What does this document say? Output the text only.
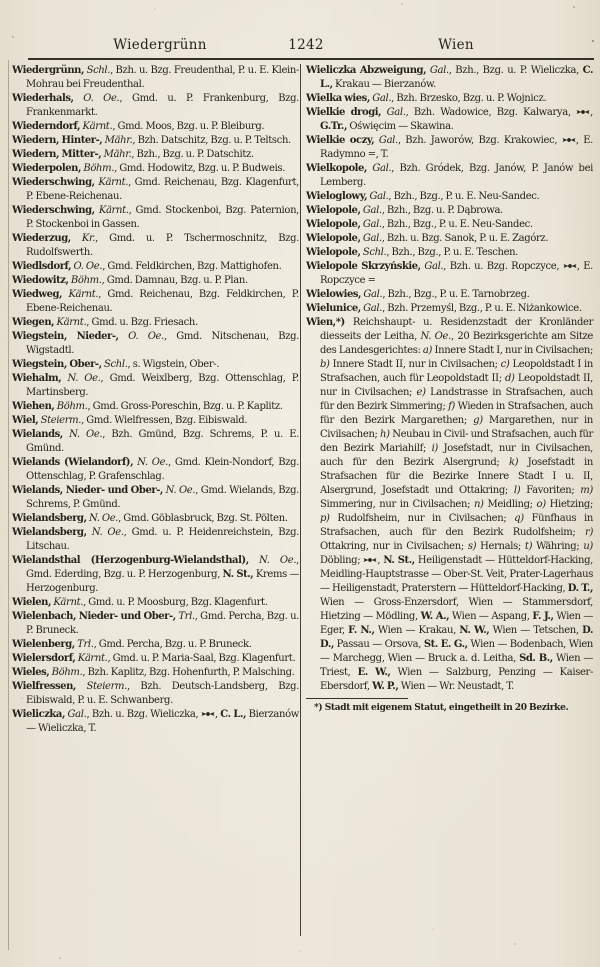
Wiedergrünn	1242	Wien

Wiedergrünn, Schl., Bzh. u. Bzg. Freudenthal, P. u. E. Klein-Mohrau bei Freudenthal.

Wiederhals, O. Oe., Gmd. u. P. Frankenburg, Bzg. Frankenmarkt.

Wiederndorf, Kärnt., Gmd. Moos, Bzg. u. P. Bleiburg.

Wiedern, Hinter-, Mähr., Bzh. Datschitz, Bzg. u. P. Teltsch.

Wiedern, Mitter-, Mähr., Bzh., Bzg. u. P. Datschitz.

Wiederpolen, Böhm., Gmd. Hodowitz, Bzg. u. P. Budweis.

Wiederschwing, Kärnt., Gmd. Reichenau, Bzg. Klagenfurt, P. Ebene-Reichenau.

Wiederschwing, Kärnt., Gmd. Stockenboi, Bzg. Paternion, P. Stockenboi in Gassen.

Wiederzug, Kr., Gmd. u. P. Tschermoschnitz, Bzg. Rudolfswerth.

Wiedlsdorf, O. Oe., Gmd. Feldkirchen, Bzg. Mattighofen.

Wiedowitz, Böhm., Gmd. Damnau, Bzg. u. P. Plan.

Wiedweg, Kärnt., Gmd. Reichenau, Bzg. Feldkirchen, P. Ebene-Reichenau.

Wiegen, Kärnt., Gmd. u. Bzg. Friesach.

Wiegstein, Nieder-, O. Oe., Gmd. Nitschenau, Bzg. Wigstadtl.

Wiegstein, Ober-, Schl., s. Wigstein, Ober-.

Wiehalm, N. Oe., Gmd. Weixlberg, Bzg. Ottenschlag, P. Martinsberg.

Wiehen, Böhm., Gmd. Gross-Poreschin, Bzg. u. P. Kaplitz.

Wiel, Steierm., Gmd. Wielfressen, Bzg. Eibiswald.

Wielands, N. Oe., Bzh. Gmünd, Bzg. Schrems, P. u. E. Gmünd.

Wielands (Wielandorf), N. Oe., Gmd. Klein-Nondorf, Bzg. Ottenschlag, P. Grafenschlag.

Wielands, Nieder- und Ober-, N. Oe., Gmd. Wielands, Bzg. Schrems, P. Gmünd.

Wielandsberg, N. Oe., Gmd. Göblasbruck, Bzg. St. Pölten.

Wielandsberg, N. Oe., Gmd. u. P. Heidenreichstein, Bzg. Litschau.

Wielandsthal (Herzogenburg-Wielandsthal), N. Oe., Gmd. Ederding, Bzg. u. P. Herzogenburg, N. St., Krems — Herzogenburg.

Wielen, Kärnt., Gmd. u. P. Moosburg, Bzg. Klagenfurt.

Wielenbach, Nieder- und Ober-, Trl., Gmd. Percha, Bzg. u. P. Bruneck.

Wielenberg, Trl., Gmd. Percha, Bzg. u. P. Bruneck.

Wielersdorf, Kärnt., Gmd. u. P. Maria-Saal, Bzg. Klagenfurt.

Wieles, Böhm., Bzh. Kaplitz, Bzg. Hohenfurth, P. Malsching.

Wielfressen, Steierm., Bzh. Deutsch-Landsberg, Bzg. Eibiswald, P. u. E. Schwanberg.

Wieliczka, Gal., Bzh. u. Bzg. Wieliczka,
, C. L., Bierzanów — Wieliczka, T.

Wieliczka Abzweigung, Gal., Bzh., Bzg. u. P. Wieliczka, C. L., Krakau — Bierzanów.

Wielka wies, Gal., Bzh. Brzesko, Bzg. u. P. Wojnicz.

Wielkie drogi, Gal., Bzh. Wadowice, Bzg. Kalwarya,
, G.Tr., Oświęcim — Skawina.

Wielkie oczy, Gal., Bzh. Jaworów, Bzg. Krakowiec,
, E. Radymno =, T.

Wielkopole, Gal., Bzh. Gródek, Bzg. Janów, P. Janów bei Lemberg.

Wieloglowy, Gal., Bzh., Bzg., P. u. E. Neu-Sandec.

Wielopole, Gal., Bzh., Bzg. u. P. Dąbrowa.

Wielopole, Gal., Bzh., Bzg., P. u. E. Neu-Sandec.

Wielopole, Gal., Bzh. u. Bzg. Sanok, P. u. E. Zagórz.

Wielopole, Schl., Bzh., Bzg., P. u. E. Teschen.

Wielopole Skrzyńskie, Gal., Bzh. u. Bzg. Ropczyce,
, E. Ropczyce =

Wielowies, Gal., Bzh., Bzg., P. u. E. Tarnobrzeg.

Wielunice, Gal., Bzh. Przemyśl, Bzg., P. u. E. Niżankowice.

Wien,*) Reichshaupt- u. Residenzstadt der Kronländer diesseits der Leitha, N. Oe., 20 Bezirksgerichte am Sitze des Landesgerichtes: a) Innere Stadt I, nur in Civilsachen; b) Innere Stadt II, nur in Civilsachen; c) Leopoldstadt I in Strafsachen, auch für Leopoldstadt II; d) Leopoldstadt II, nur in Civilsachen; e) Landstrasse in Strafsachen, auch für den Bezirk Simmering; f) Wieden in Strafsachen, auch für den Bezirk Margarethen; g) Margarethen, nur in Civilsachen; h) Neubau in Civil- und Strafsachen, auch für den Bezirk Mariahilf; i) Josefstadt, nur in Civilsachen, auch für den Bezirk Alsergrund; k) Josefstadt in Strafsachen für die Bezirke Innere Stadt I u. II, Alsergrund, Josefstadt und Ottakring; l) Favoriten; m) Simmering, nur in Civilsachen; n) Meidling; o) Hietzing; p) Rudolfsheim, nur in Civilsachen; q) Fünfhaus in Strafsachen, auch für den Bezirk Rudolfsheim; r) Ottakring, nur in Civilsachen; s) Hernals; t) Währing; u) Döbling;
, N. St., Heiligenstadt — Hütteldorf-Hacking, Meidling-Hauptstrasse — Ober-St. Veit, Prater-Lagerhaus — Heiligenstadt, Praterstern — Hütteldorf-Hacking, D. T., Wien — Gross-Enzersdorf, Wien — Stammersdorf, Hietzing — Mödling, W. A., Wien — Aspang, F. J., Wien — Eger, F. N., Wien — Krakau, N. W., Wien — Tetschen, D. D., Passau — Orsova, St. E. G., Wien — Bodenbach, Wien — Marchegg, Wien — Bruck a. d. Leitha, Sd. B., Wien — Triest, E. W., Wien — Salzburg, Penzing — Kaiser-Ebersdorf, W. P., Wien — Wr. Neustadt, T.

*) Stadt mit eigenem Statut, eingetheilt in 20 Bezirke.
